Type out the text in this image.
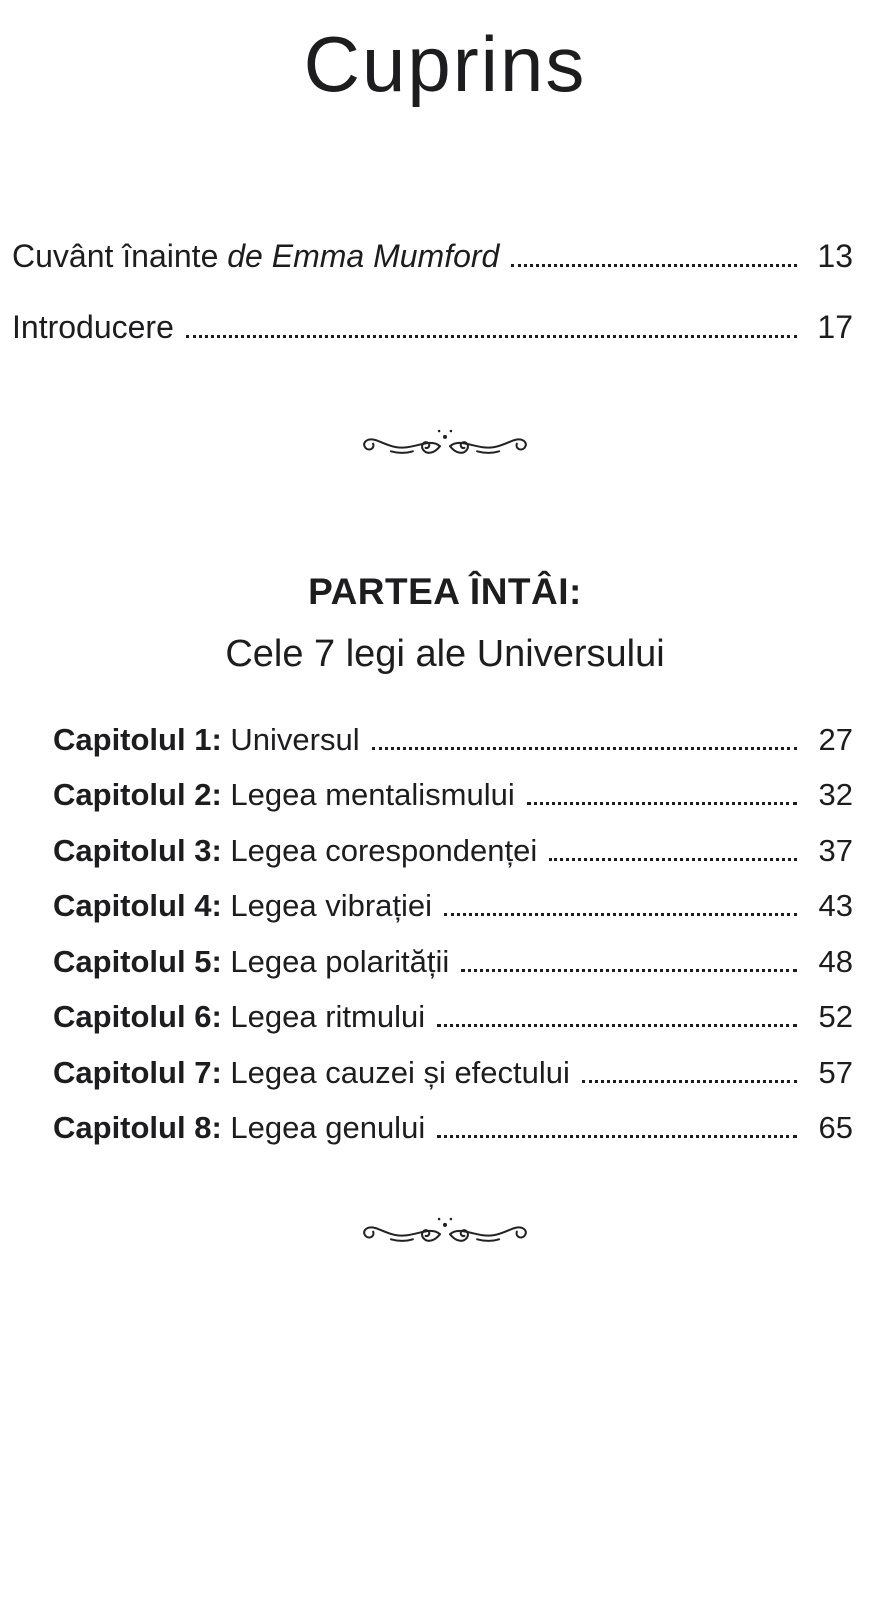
Cuprins
Cuvânt înainte de Emma Mumford	13
Introducere	17
PARTEA ÎNTÂI:
Cele 7 legi ale Universului
Capitolul 1: Universul	27
Capitolul 2: Legea mentalismului	32
Capitolul 3: Legea corespondenței	37
Capitolul 4: Legea vibrației	43
Capitolul 5: Legea polarității	48
Capitolul 6: Legea ritmului	52
Capitolul 7: Legea cauzei și efectului	57
Capitolul 8: Legea genului	65
